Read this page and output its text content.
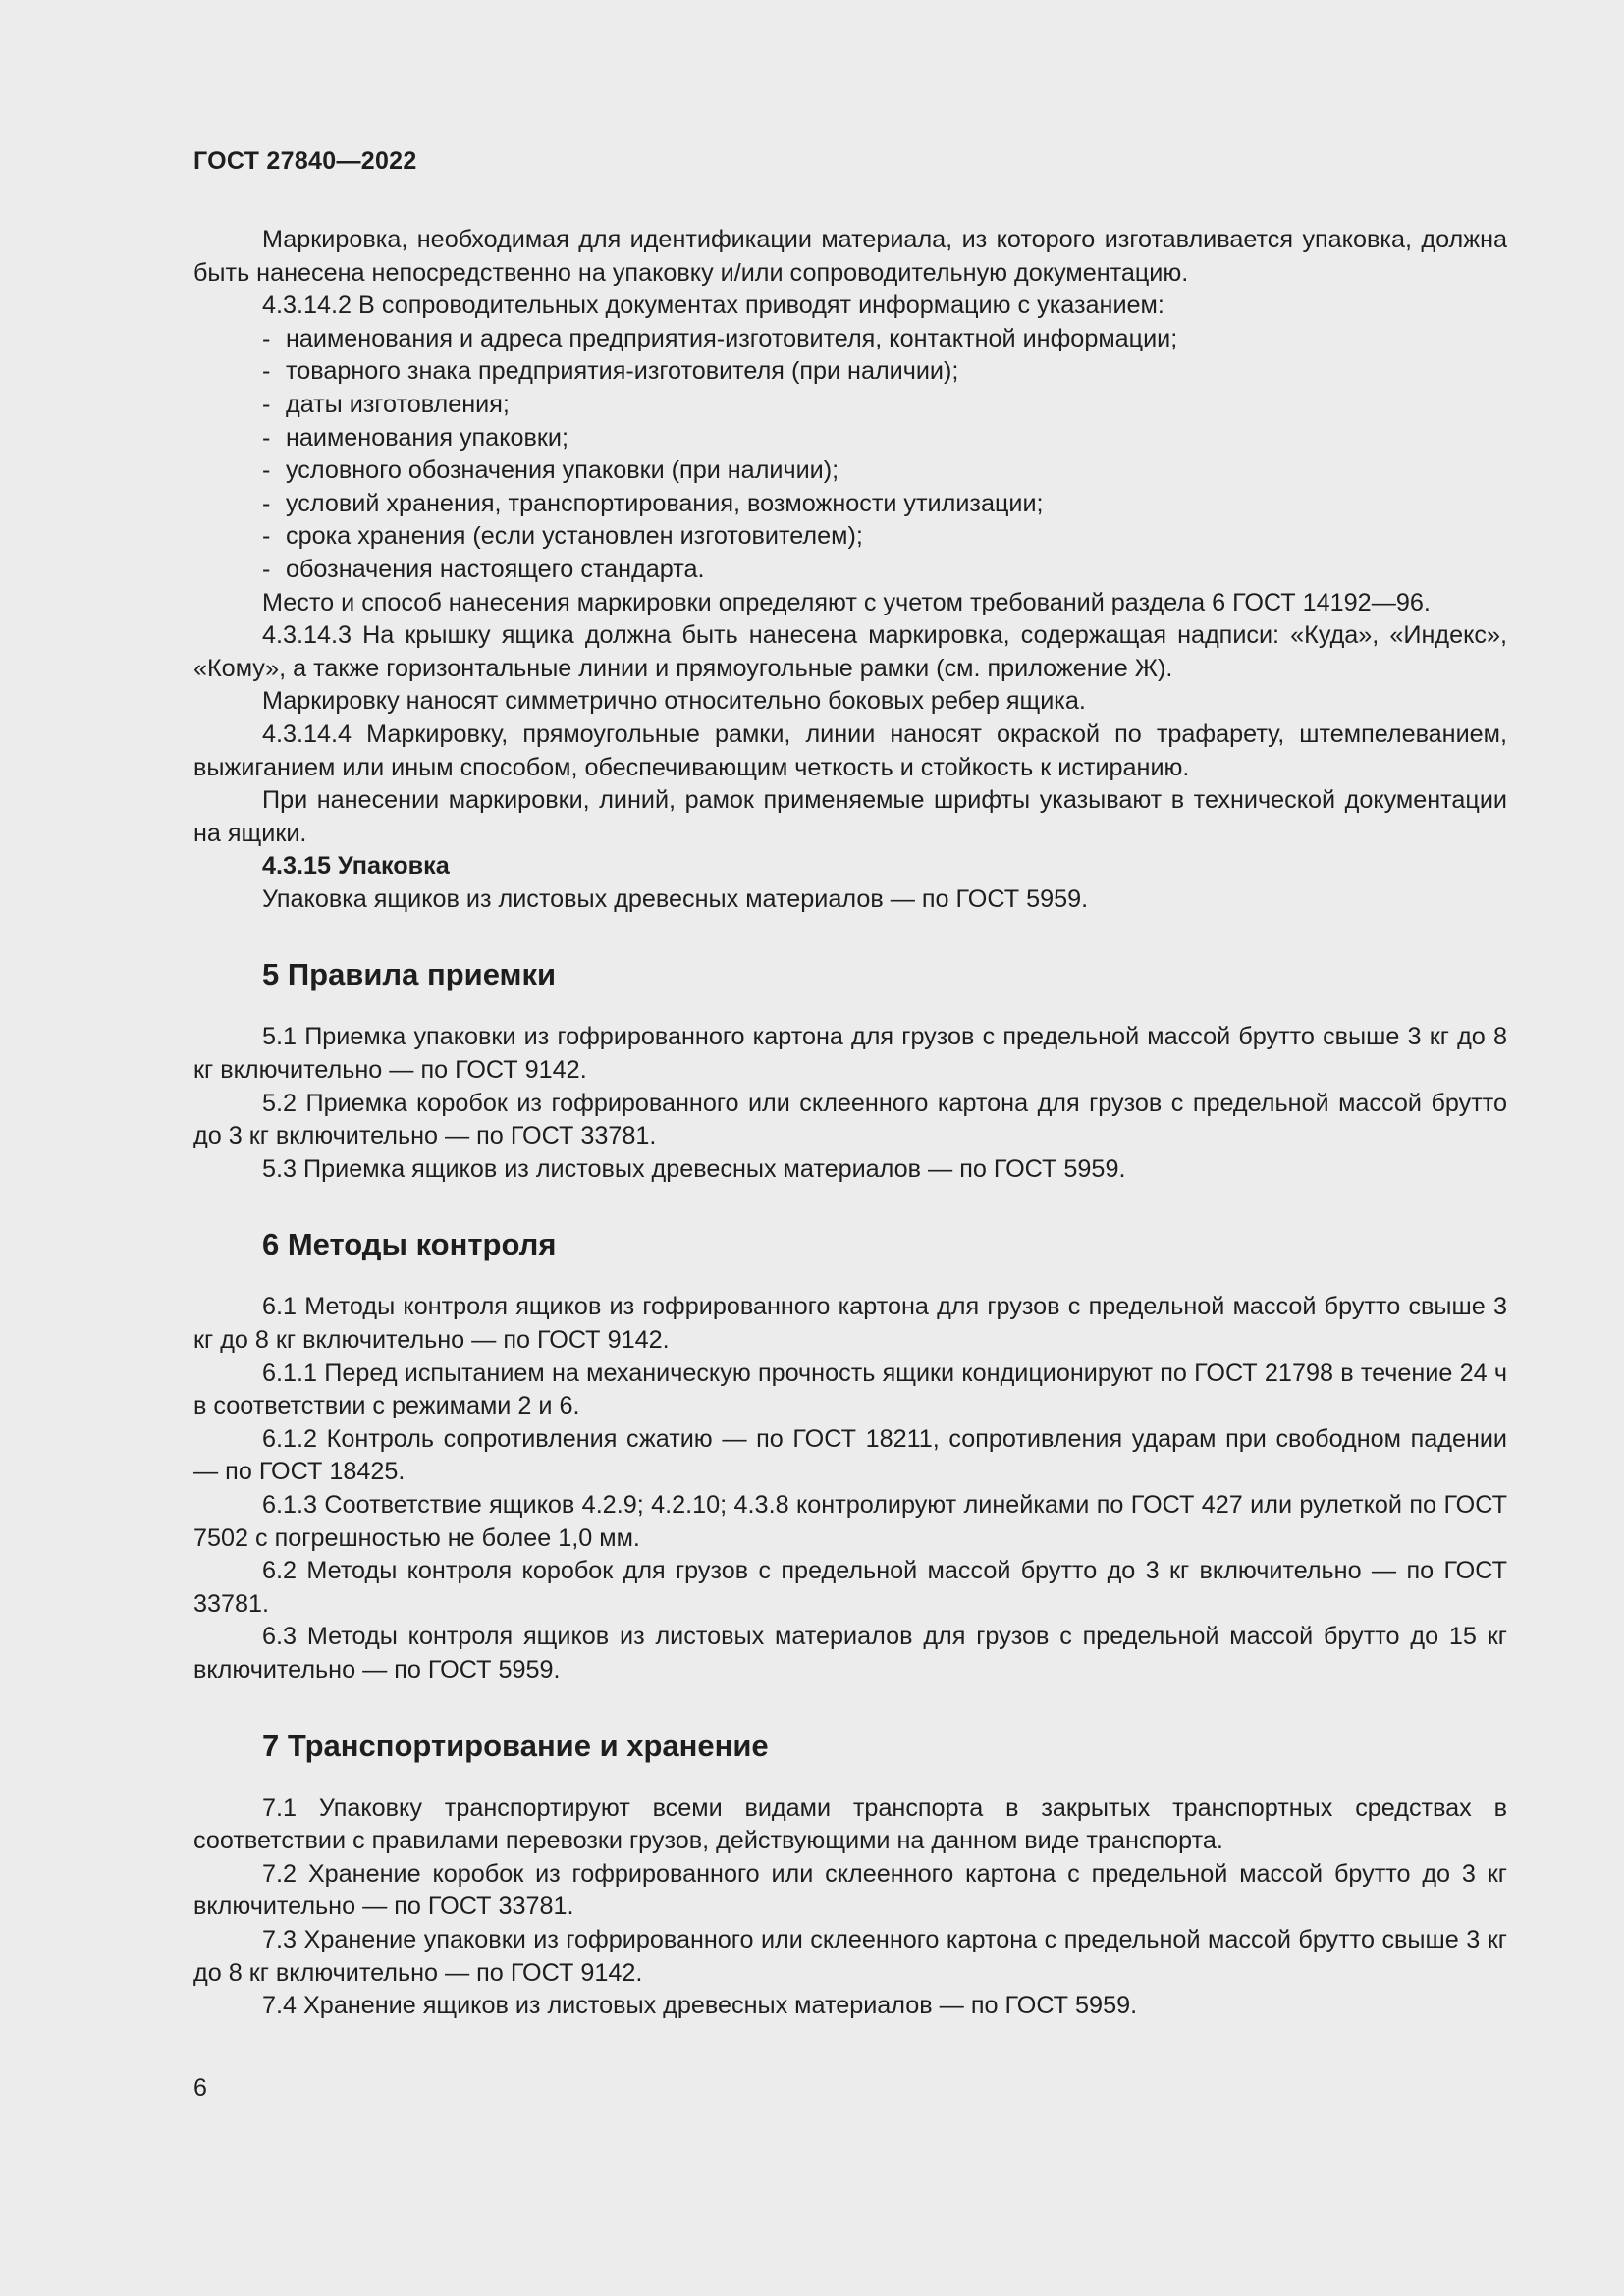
ГОСТ 27840—2022

Маркировка, необходимая для идентификации материала, из которого изготавливается упаковка, должна быть нанесена непосредственно на упаковку и/или сопроводительную документацию.

4.3.14.2 В сопроводительных документах приводят информацию с указанием:

- наименования и адреса предприятия-изготовителя, контактной информации;

- товарного знака предприятия-изготовителя (при наличии);

- даты изготовления;

- наименования упаковки;

- условного обозначения упаковки (при наличии);

- условий хранения, транспортирования, возможности утилизации;

- срока хранения (если установлен изготовителем);

- обозначения настоящего стандарта.

Место и способ нанесения маркировки определяют с учетом требований раздела 6 ГОСТ 14192—96.

4.3.14.3 На крышку ящика должна быть нанесена маркировка, содержащая надписи: «Куда», «Индекс», «Кому», а также горизонтальные линии и прямоугольные рамки (см. приложение Ж).

Маркировку наносят симметрично относительно боковых ребер ящика.

4.3.14.4 Маркировку, прямоугольные рамки, линии наносят окраской по трафарету, штемпелеванием, выжиганием или иным способом, обеспечивающим четкость и стойкость к истиранию.

При нанесении маркировки, линий, рамок применяемые шрифты указывают в технической документации на ящики.

4.3.15 Упаковка

Упаковка ящиков из листовых древесных материалов — по ГОСТ 5959.

5 Правила приемки

5.1 Приемка упаковки из гофрированного картона для грузов с предельной массой брутто свыше 3 кг до 8 кг включительно — по ГОСТ 9142.

5.2 Приемка коробок из гофрированного или склеенного картона для грузов с предельной массой брутто до 3 кг включительно — по ГОСТ 33781.

5.3 Приемка ящиков из листовых древесных материалов — по ГОСТ 5959.

6 Методы контроля

6.1 Методы контроля ящиков из гофрированного картона для грузов с предельной массой брутто свыше 3 кг до 8 кг включительно — по ГОСТ 9142.

6.1.1 Перед испытанием на механическую прочность ящики кондиционируют по ГОСТ 21798 в течение 24 ч в соответствии с режимами 2 и 6.

6.1.2 Контроль сопротивления сжатию — по ГОСТ 18211, сопротивления ударам при свободном падении — по ГОСТ 18425.

6.1.3 Соответствие ящиков 4.2.9; 4.2.10; 4.3.8 контролируют линейками по ГОСТ 427 или рулеткой по ГОСТ 7502 с погрешностью не более 1,0 мм.

6.2 Методы контроля коробок для грузов с предельной массой брутто до 3 кг включительно — по ГОСТ 33781.

6.3 Методы контроля ящиков из листовых материалов для грузов с предельной массой брутто до 15 кг включительно — по ГОСТ 5959.

7 Транспортирование и хранение

7.1 Упаковку транспортируют всеми видами транспорта в закрытых транспортных средствах в соответствии с правилами перевозки грузов, действующими на данном виде транспорта.

7.2 Хранение коробок из гофрированного или склеенного картона с предельной массой брутто до 3 кг включительно — по ГОСТ 33781.

7.3 Хранение упаковки из гофрированного или склеенного картона с предельной массой брутто свыше 3 кг до 8 кг включительно — по ГОСТ 9142.

7.4 Хранение ящиков из листовых древесных материалов — по ГОСТ 5959.

6
